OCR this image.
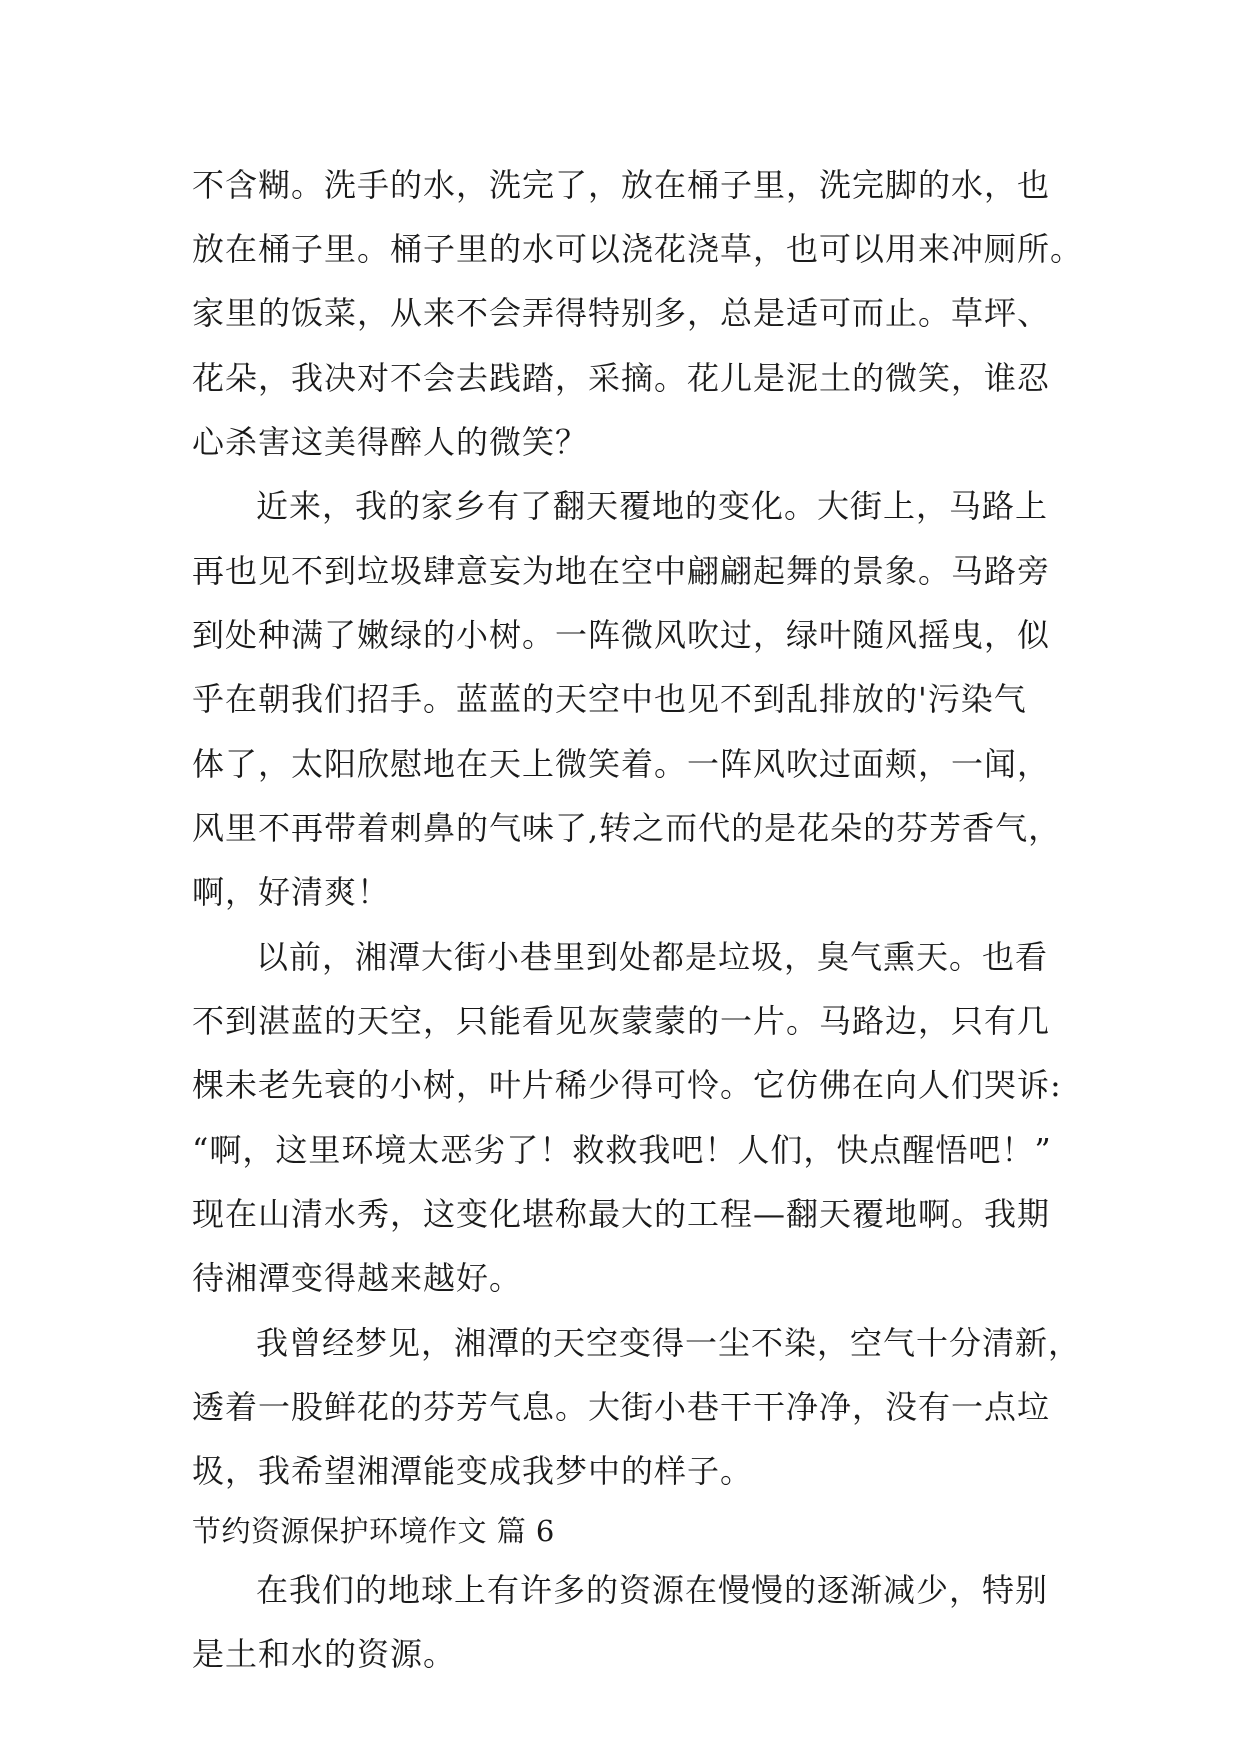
不含糊。洗手的水，洗完了，放在桶子里，洗完脚的水，也
放在桶子里。桶子里的水可以浇花浇草，也可以用来冲厕所。
家里的饭菜，从来不会弄得特别多，总是适可而止。草坪、
花朵，我决对不会去践踏，采摘。花儿是泥土的微笑，谁忍
心杀害这美得醉人的微笑？
近来，我的家乡有了翻天覆地的变化。大街上，马路上
再也见不到垃圾肆意妄为地在空中翩翩起舞的景象。马路旁
到处种满了嫩绿的小树。一阵微风吹过，绿叶随风摇曳，似
乎在朝我们招手。蓝蓝的天空中也见不到乱排放的'污染气
体了，太阳欣慰地在天上微笑着。一阵风吹过面颊，一闻，
风里不再带着刺鼻的气味了,转之而代的是花朵的芬芳香气，
啊，好清爽！
以前，湘潭大街小巷里到处都是垃圾，臭气熏天。也看
不到湛蓝的天空，只能看见灰蒙蒙的一片。马路边，只有几
棵未老先衰的小树，叶片稀少得可怜。它仿佛在向人们哭诉:
“啊，这里环境太恶劣了！救救我吧！人们，快点醒悟吧！”
现在山清水秀，这变化堪称最大的工程—翻天覆地啊。我期
待湘潭变得越来越好。
我曾经梦见，湘潭的天空变得一尘不染，空气十分清新，
透着一股鲜花的芬芳气息。大街小巷干干净净，没有一点垃
圾，我希望湘潭能变成我梦中的样子。
节约资源保护环境作文 篇 6
在我们的地球上有许多的资源在慢慢的逐渐减少，特别
是土和水的资源。
